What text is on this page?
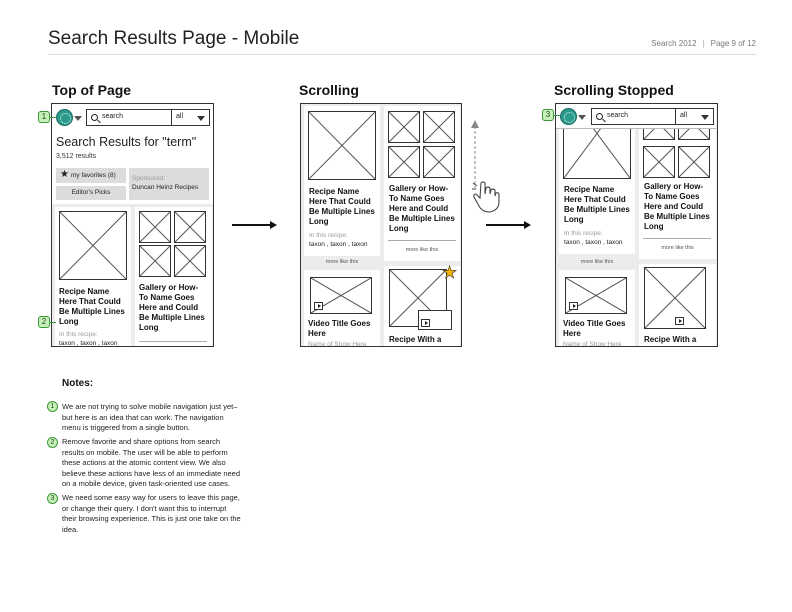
Search Results Page - Mobile	Search 2012 | Page 9 of 12
Top of Page	Scrolling	Scrolling Stopped
search	all
Search Results for "term"
3,512 results
★ my favorites (8)
Editor's Picks
Sponsored:
Duncan Heinz Recipes
Recipe Name
Here That Could
Be Multiple Lines
Long
In this recipe:
taxon , taxon , taxon
Gallery or How-
To Name Goes
Here and Could
Be Multiple Lines
Long
1
2
Recipe Name
Here That Could
Be Multiple Lines
Long
In this recipe:
taxon , taxon , taxon
more like this
Gallery or How-
To Name Goes
Here and Could
Be Multiple Lines
Long
more like this
Video Title Goes
Here
Name of Show Here
★
Recipe With a
Recipe Name
Here That Could
Be Multiple Lines
Long
In this recipe:
taxon , taxon , taxon
more like this
Gallery or How-
To Name Goes
Here and Could
Be Multiple Lines
Long
more like this
Video Title Goes
Here
Name of Show Here
Recipe With a
search	all
3
Notes:
1	We are not trying to solve mobile navigation just yet–
but here is an idea that can work. The navigation
menu is triggered from a single button.
2	Remove favorite and share options from search
results on mobile. The user will be able to perform
these actions at the atomic content view. We also
believe these actions have less of an immediate need
on a mobile device, given task-oriented use cases.
3	We need some easy way for users to leave this page,
or change their query. I don't want this to interrupt
their browsing experience. This is just one take on the
idea.
